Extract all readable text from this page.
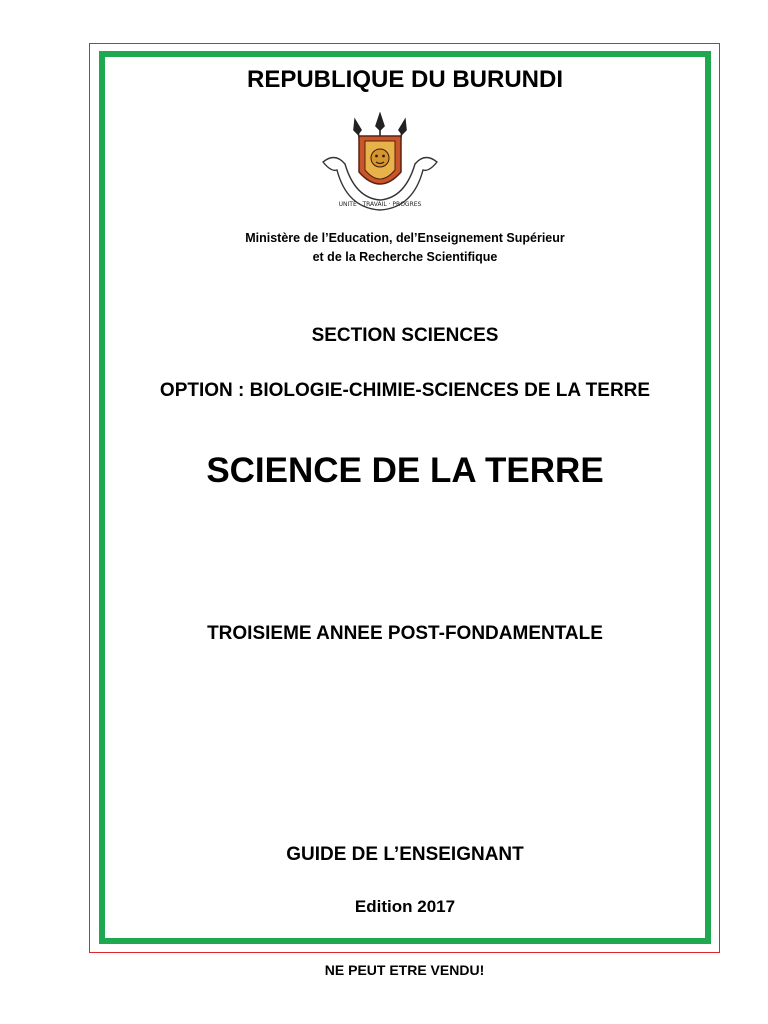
REPUBLIQUE DU BURUNDI
UNITE · TRAVAIL · PROGRES
Ministère de l’Education, del’Enseignement Supérieur
et de la Recherche Scientifique
SECTION SCIENCES
OPTION : BIOLOGIE-CHIMIE-SCIENCES DE LA TERRE
SCIENCE DE LA TERRE
TROISIEME ANNEE POST-FONDAMENTALE
GUIDE DE L’ENSEIGNANT
Edition 2017
NE PEUT ETRE VENDU!
